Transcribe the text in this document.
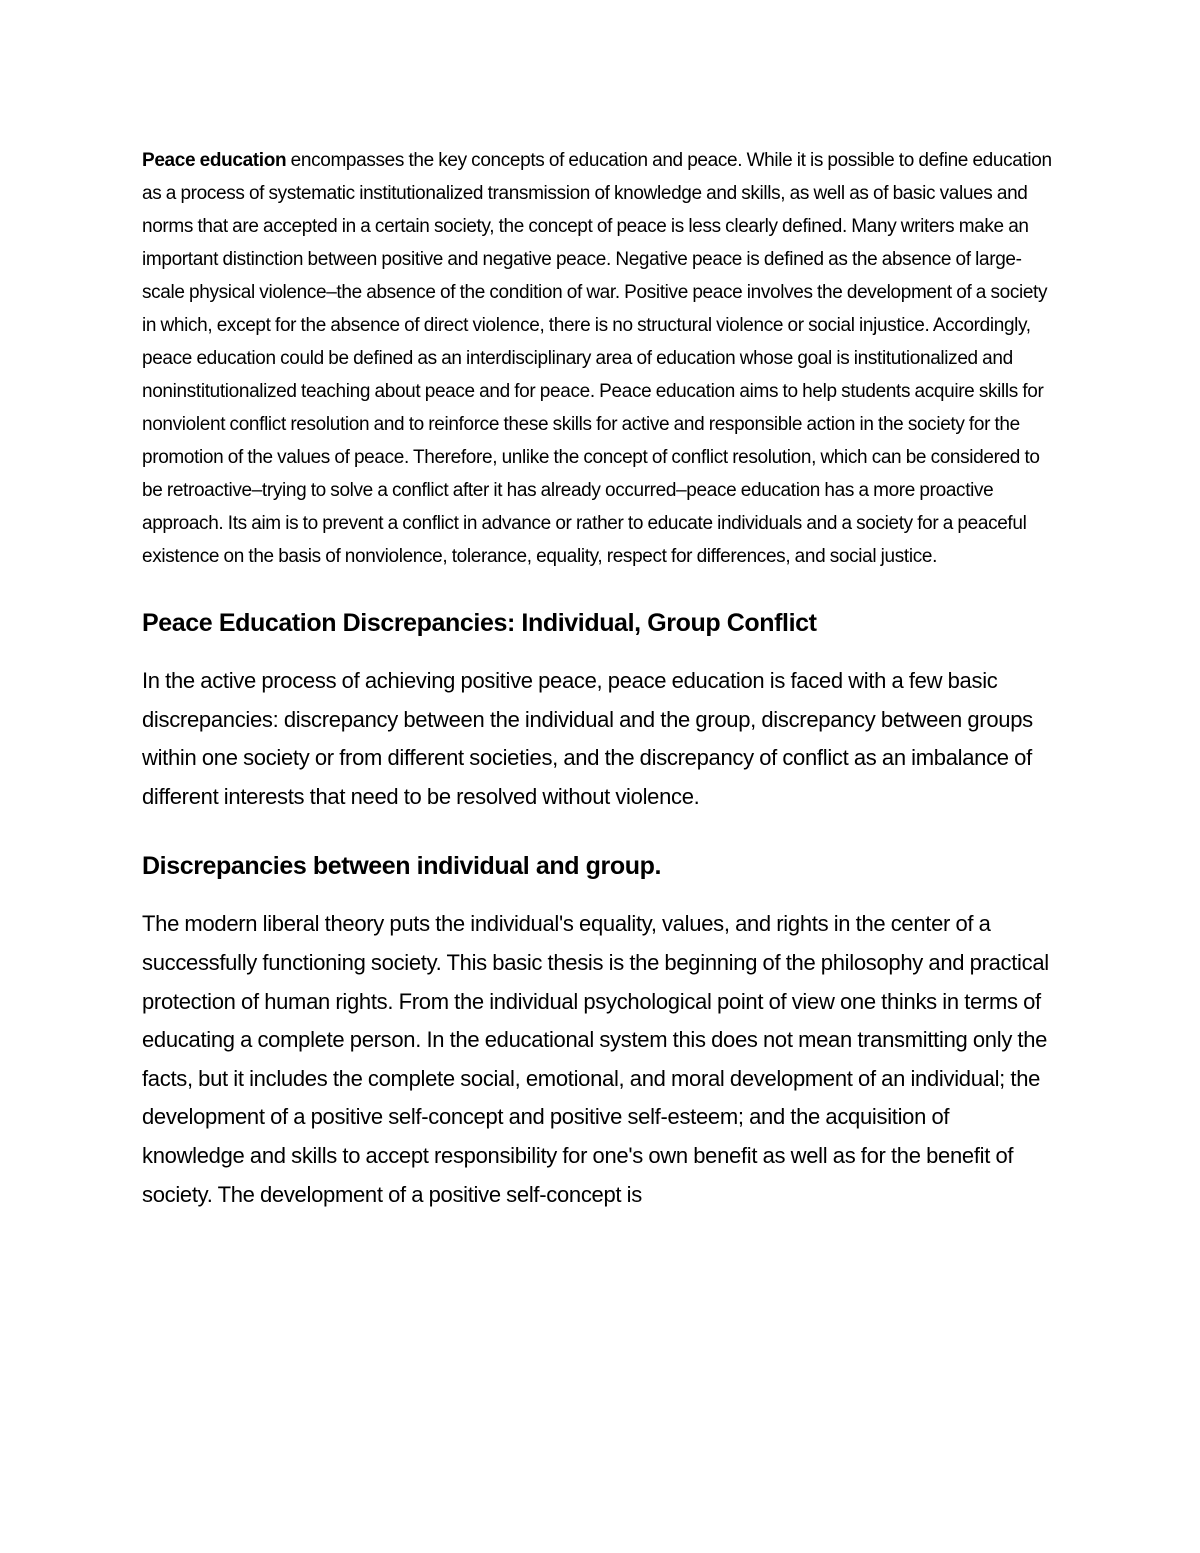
Peace education encompasses the key concepts of education and peace. While it is possible to define education as a process of systematic institutionalized transmission of knowledge and skills, as well as of basic values and norms that are accepted in a certain society, the concept of peace is less clearly defined. Many writers make an important distinction between positive and negative peace. Negative peace is defined as the absence of large-scale physical violence–the absence of the condition of war. Positive peace involves the development of a society in which, except for the absence of direct violence, there is no structural violence or social injustice. Accordingly, peace education could be defined as an interdisciplinary area of education whose goal is institutionalized and noninstitutionalized teaching about peace and for peace. Peace education aims to help students acquire skills for nonviolent conflict resolution and to reinforce these skills for active and responsible action in the society for the promotion of the values of peace. Therefore, unlike the concept of conflict resolution, which can be considered to be retroactive–trying to solve a conflict after it has already occurred–peace education has a more proactive approach. Its aim is to prevent a conflict in advance or rather to educate individuals and a society for a peaceful existence on the basis of nonviolence, tolerance, equality, respect for differences, and social justice.

Peace Education Discrepancies: Individual, Group Conflict

In the active process of achieving positive peace, peace education is faced with a few basic discrepancies: discrepancy between the individual and the group, discrepancy between groups within one society or from different societies, and the discrepancy of conflict as an imbalance of different interests that need to be resolved without violence.

Discrepancies between individual and group.

The modern liberal theory puts the individual's equality, values, and rights in the center of a successfully functioning society. This basic thesis is the beginning of the philosophy and practical protection of human rights. From the individual psychological point of view one thinks in terms of educating a complete person. In the educational system this does not mean transmitting only the facts, but it includes the complete social, emotional, and moral development of an individual; the development of a positive self-concept and positive self-esteem; and the acquisition of knowledge and skills to accept responsibility for one's own benefit as well as for the benefit of society. The development of a positive self-concept is
